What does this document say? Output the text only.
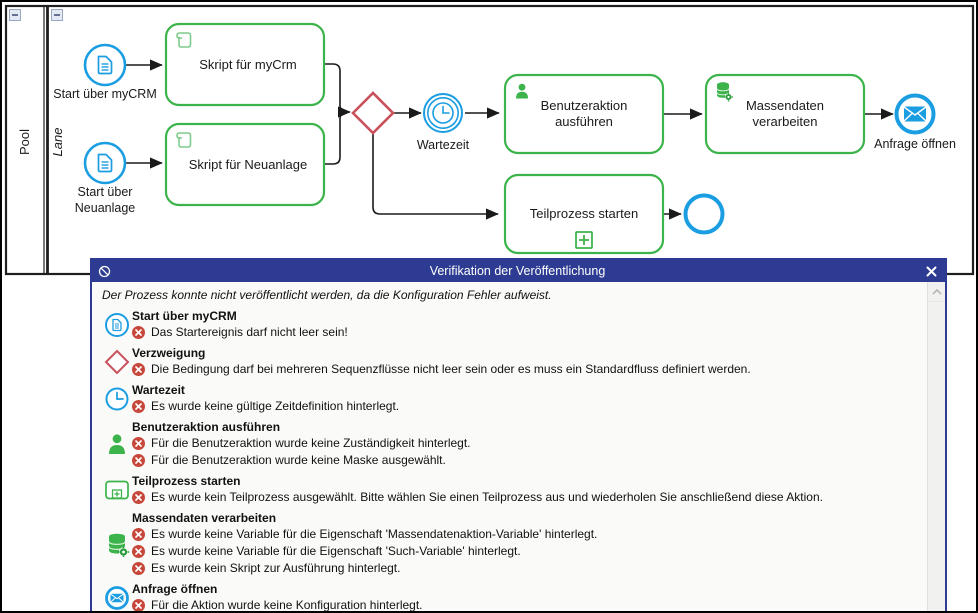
Pool Lane
Start über myCRM
Start über
Neuanlage
Skript für myCrm
Skript für Neuanlage
Wartezeit
Benutzeraktion
ausführen
Massendaten
verarbeiten
Teilprozess starten
Anfrage öffnen
Verifikation der Veröffentlichung
Der Prozess konnte nicht veröffentlicht werden, da die Konfiguration Fehler aufweist.
Start über myCRM
Das Startereignis darf nicht leer sein!
Verzweigung
Die Bedingung darf bei mehreren Sequenzflüsse nicht leer sein oder es muss ein Standardfluss definiert werden.
Wartezeit
Es wurde keine gültige Zeitdefinition hinterlegt.
Benutzeraktion ausführen
Für die Benutzeraktion wurde keine Zuständigkeit hinterlegt.
Für die Benutzeraktion wurde keine Maske ausgewählt.
Teilprozess starten
Es wurde kein Teilprozess ausgewählt. Bitte wählen Sie einen Teilprozess aus und wiederholen Sie anschließend diese Aktion.
Massendaten verarbeiten
Es wurde keine Variable für die Eigenschaft 'Massendatenaktion-Variable' hinterlegt.
Es wurde keine Variable für die Eigenschaft 'Such-Variable' hinterlegt.
Es wurde kein Skript zur Ausführung hinterlegt.
Anfrage öffnen
Für die Aktion wurde keine Konfiguration hinterlegt.
